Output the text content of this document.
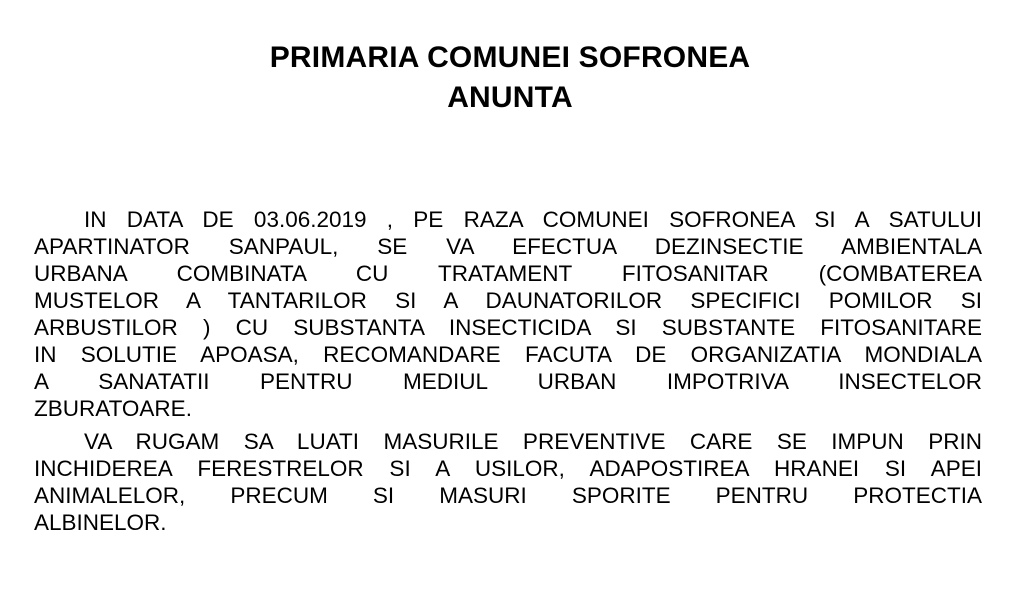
PRIMARIA COMUNEI SOFRONEA
ANUNTA
IN DATA DE 03.06.2019 , PE RAZA COMUNEI SOFRONEA SI A SATULUI
APARTINATOR SANPAUL, SE VA EFECTUA DEZINSECTIE AMBIENTALA
URBANA COMBINATA CU TRATAMENT FITOSANITAR (COMBATEREA
MUSTELOR A TANTARILOR SI A DAUNATORILOR SPECIFICI POMILOR SI
ARBUSTILOR ) CU SUBSTANTA INSECTICIDA SI SUBSTANTE FITOSANITARE
IN SOLUTIE APOASA, RECOMANDARE FACUTA DE ORGANIZATIA MONDIALA
A SANATATII PENTRU MEDIUL URBAN IMPOTRIVA INSECTELOR
ZBURATOARE.
VA RUGAM SA LUATI MASURILE PREVENTIVE CARE SE IMPUN PRIN
INCHIDEREA FERESTRELOR SI A USILOR, ADAPOSTIREA HRANEI SI APEI
ANIMALELOR, PRECUM SI MASURI SPORITE PENTRU PROTECTIA
ALBINELOR.
